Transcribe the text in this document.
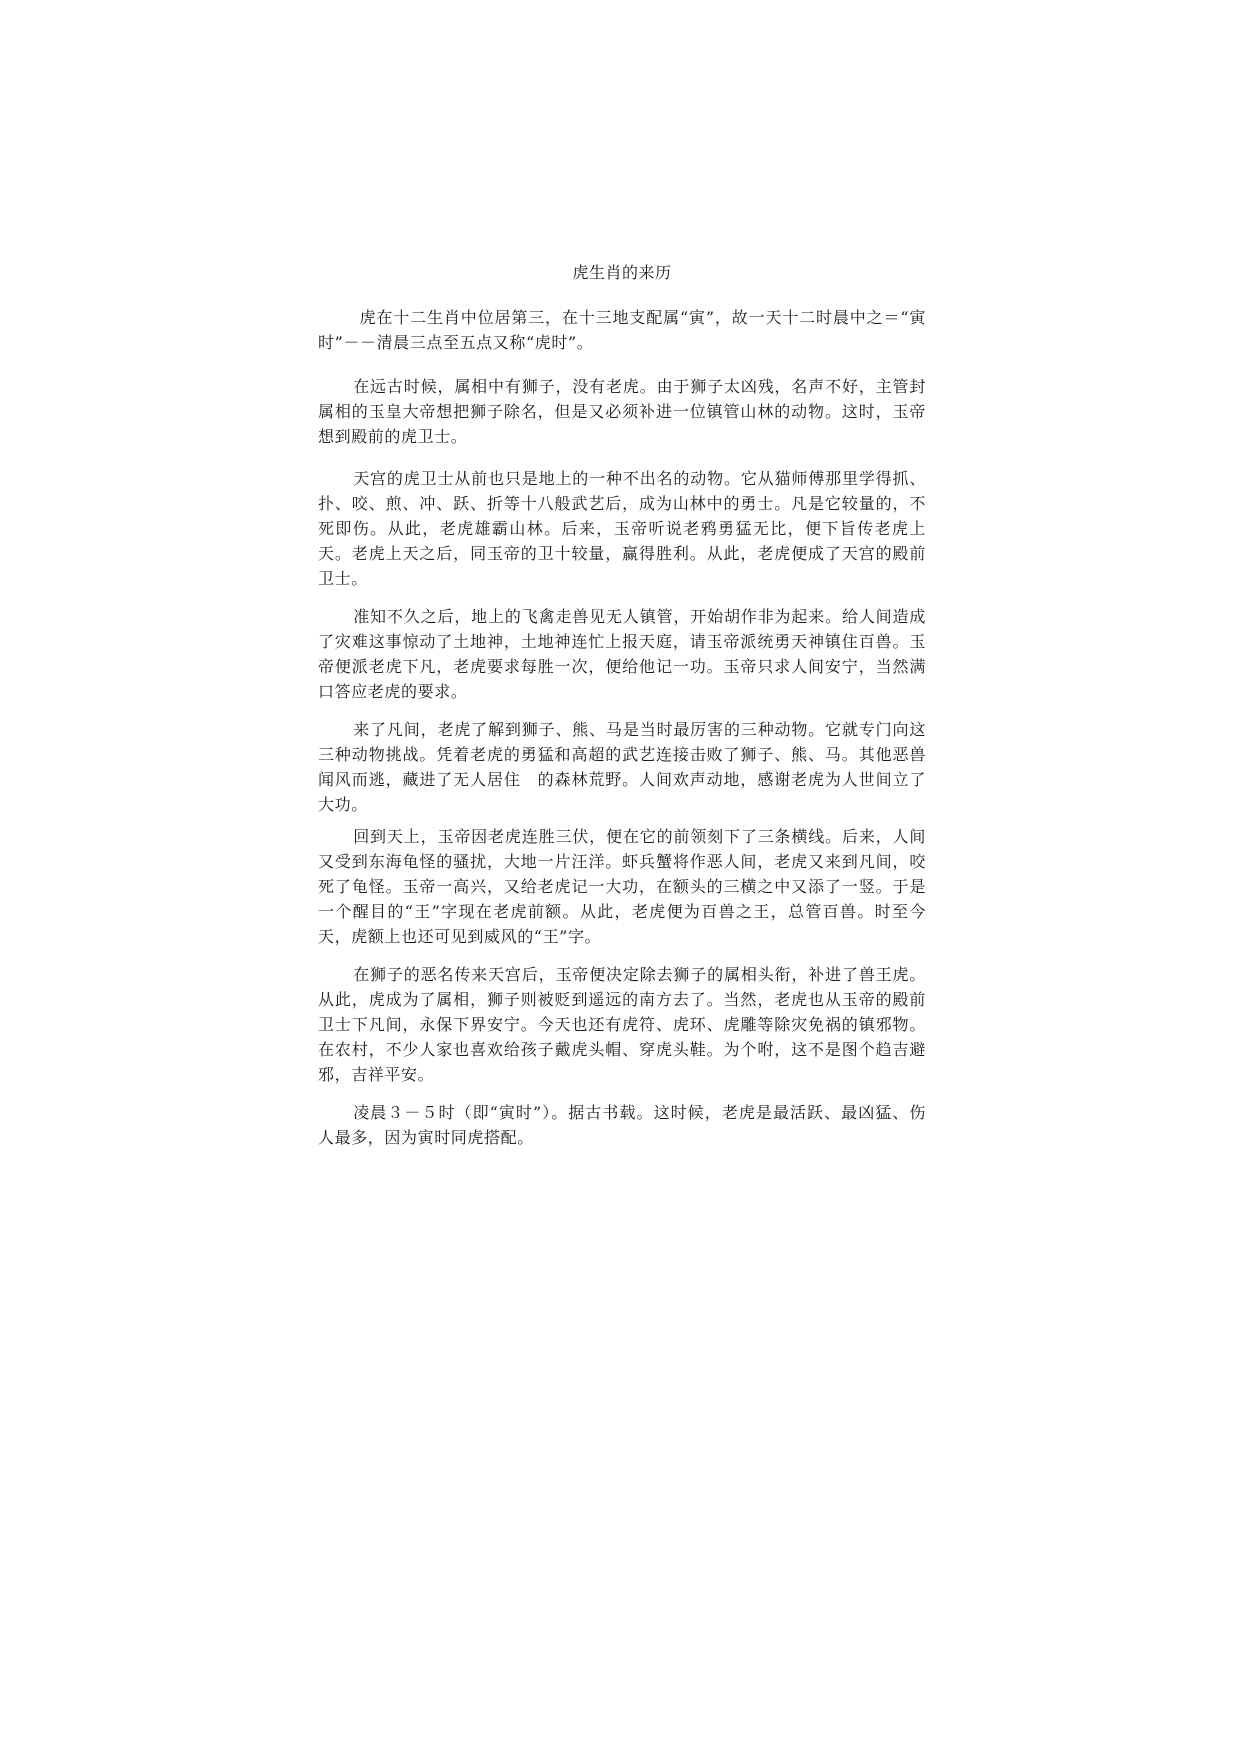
虎生肖的来历

虎在十二生肖中位居第三，在十三地支配属“寅”，故一天十二时晨中之＝“寅时”－－清晨三点至五点又称“虎时”。

在远古时候，属相中有狮子，没有老虎。由于狮子太凶残，名声不好，主管封属相的玉皇大帝想把狮子除名，但是又必须补进一位镇管山林的动物。这时，玉帝想到殿前的虎卫士。

天宫的虎卫士从前也只是地上的一种不出名的动物。它从猫师傅那里学得抓、扑、咬、煎、冲、跃、折等十八般武艺后，成为山林中的勇士。凡是它较量的，不死即伤。从此，老虎雄霸山林。后来，玉帝听说老鸦勇猛无比，便下旨传老虎上天。老虎上天之后，同玉帝的卫十较量，赢得胜利。从此，老虎便成了天宫的殿前卫士。

准知不久之后，地上的飞禽走兽见无人镇管，开始胡作非为起来。给人间造成了灾难这事惊动了土地神，土地神连忙上报天庭，请玉帝派统勇天神镇住百兽。玉帝便派老虎下凡，老虎要求每胜一次，便给他记一功。玉帝只求人间安宁，当然满口答应老虎的要求。

来了凡间，老虎了解到狮子、熊、马是当时最厉害的三种动物。它就专门向这三种动物挑战。凭着老虎的勇猛和高超的武艺连接击败了狮子、熊、马。其他恶兽闻风而逃，藏进了无人居住　的森林荒野。人间欢声动地，感谢老虎为人世间立了大功。

回到天上，玉帝因老虎连胜三伏，便在它的前领刻下了三条横线。后来，人间又受到东海龟怪的骚扰，大地一片汪洋。虾兵蟹将作恶人间，老虎又来到凡间，咬死了龟怪。玉帝一高兴，又给老虎记一大功，在额头的三横之中又添了一竖。于是一个醒目的“王”字现在老虎前额。从此，老虎便为百兽之王，总管百兽。时至今天，虎额上也还可见到威风的“王”字。

在狮子的恶名传来天宫后，玉帝便决定除去狮子的属相头衔，补进了兽王虎。从此，虎成为了属相，狮子则被贬到遥远的南方去了。当然，老虎也从玉帝的殿前卫士下凡间，永保下界安宁。今天也还有虎符、虎环、虎雕等除灾免祸的镇邪物。在农村，不少人家也喜欢给孩子戴虎头帽、穿虎头鞋。为个咐，这不是图个趋吉避邪，吉祥平安。

凌晨３－５时（即“寅时”）。据古书载。这时候，老虎是最活跃、最凶猛、伤人最多，因为寅时同虎搭配。
